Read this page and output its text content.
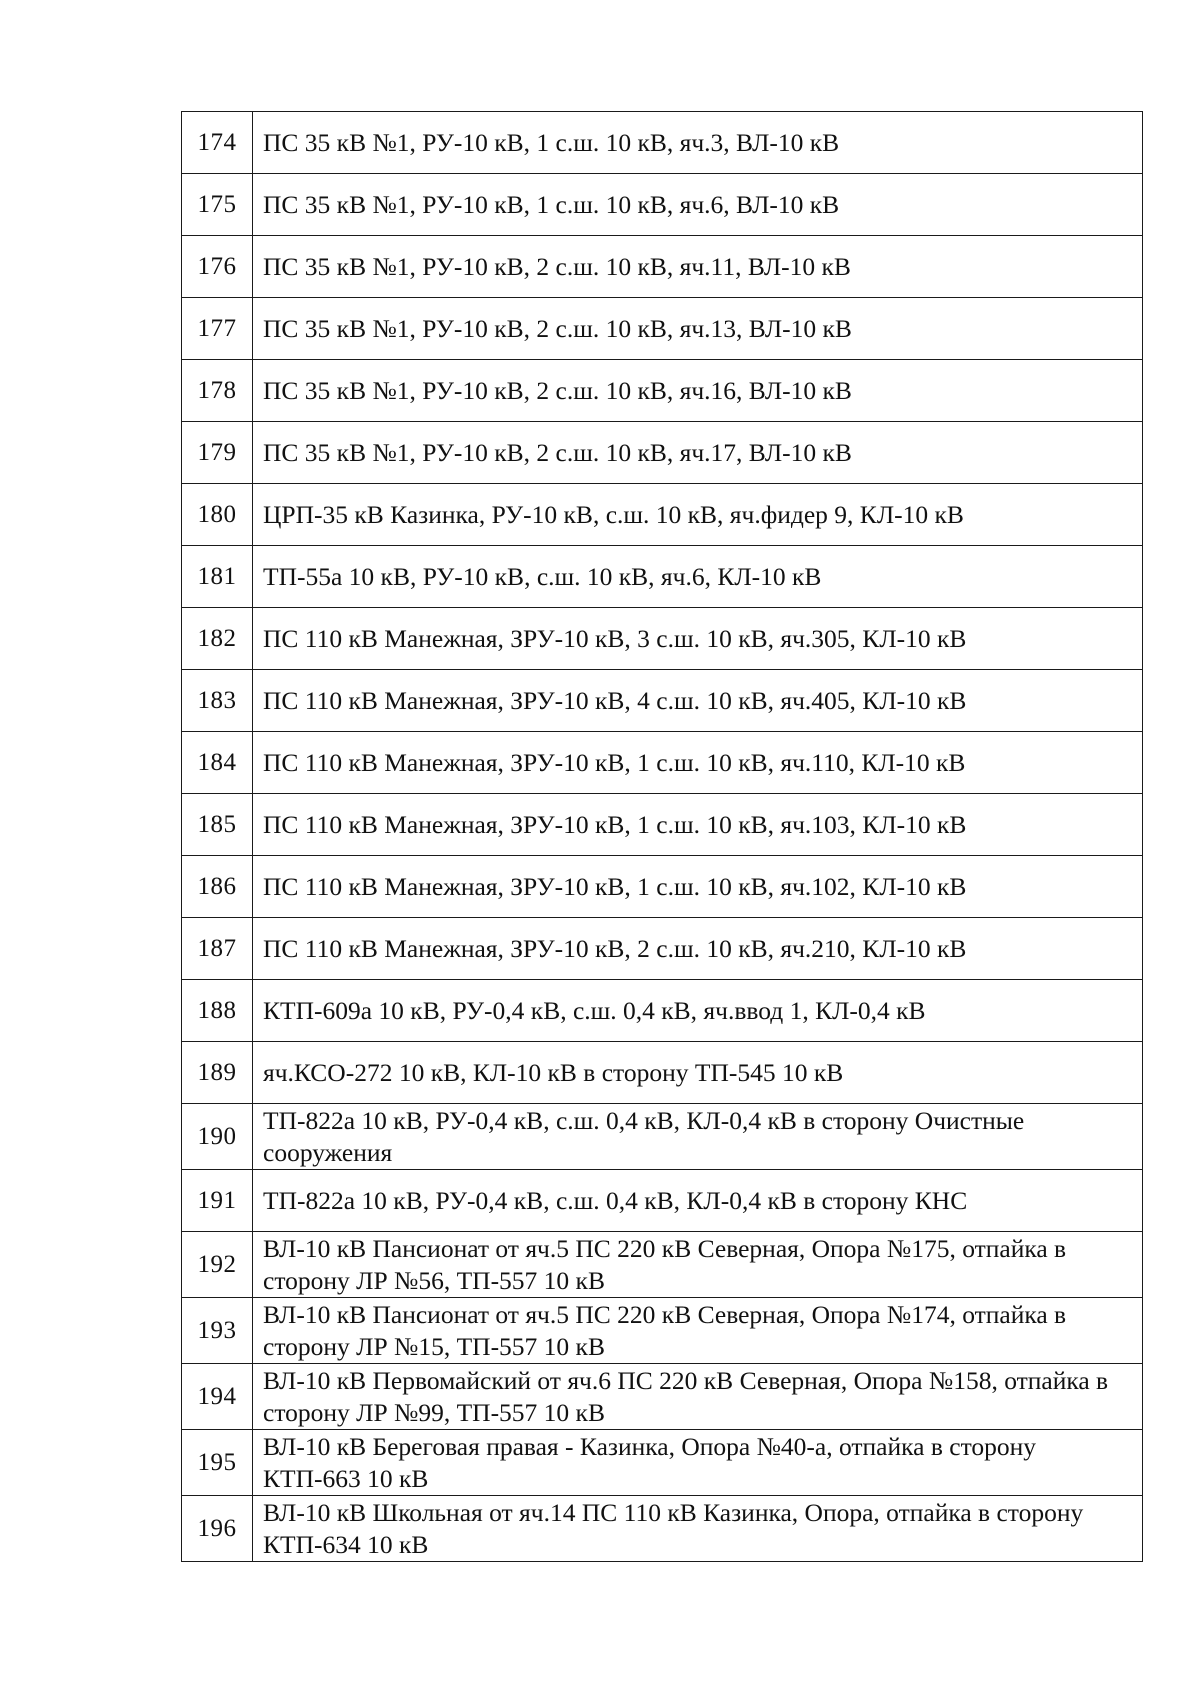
174	ПС 35 кВ №1, РУ-10 кВ, 1 с.ш. 10 кВ, яч.3, ВЛ-10 кВ
175	ПС 35 кВ №1, РУ-10 кВ, 1 с.ш. 10 кВ, яч.6, ВЛ-10 кВ
176	ПС 35 кВ №1, РУ-10 кВ, 2 с.ш. 10 кВ, яч.11, ВЛ-10 кВ
177	ПС 35 кВ №1, РУ-10 кВ, 2 с.ш. 10 кВ, яч.13, ВЛ-10 кВ
178	ПС 35 кВ №1, РУ-10 кВ, 2 с.ш. 10 кВ, яч.16, ВЛ-10 кВ
179	ПС 35 кВ №1, РУ-10 кВ, 2 с.ш. 10 кВ, яч.17, ВЛ-10 кВ
180	ЦРП-35 кВ Казинка, РУ-10 кВ, с.ш. 10 кВ, яч.фидер 9, КЛ-10 кВ
181	ТП-55а 10 кВ, РУ-10 кВ, с.ш. 10 кВ, яч.6, КЛ-10 кВ
182	ПС 110 кВ Манежная, ЗРУ-10 кВ, 3 с.ш. 10 кВ, яч.305, КЛ-10 кВ
183	ПС 110 кВ Манежная, ЗРУ-10 кВ, 4 с.ш. 10 кВ, яч.405, КЛ-10 кВ
184	ПС 110 кВ Манежная, ЗРУ-10 кВ, 1 с.ш. 10 кВ, яч.110, КЛ-10 кВ
185	ПС 110 кВ Манежная, ЗРУ-10 кВ, 1 с.ш. 10 кВ, яч.103, КЛ-10 кВ
186	ПС 110 кВ Манежная, ЗРУ-10 кВ, 1 с.ш. 10 кВ, яч.102, КЛ-10 кВ
187	ПС 110 кВ Манежная, ЗРУ-10 кВ, 2 с.ш. 10 кВ, яч.210, КЛ-10 кВ
188	КТП-609а 10 кВ, РУ-0,4 кВ, с.ш. 0,4 кВ, яч.ввод 1, КЛ-0,4 кВ
189	яч.КСО-272 10 кВ, КЛ-10 кВ в сторону ТП-545 10 кВ
190	ТП-822а 10 кВ, РУ-0,4 кВ, с.ш. 0,4 кВ, КЛ-0,4 кВ в сторону Очистные сооружения
191	ТП-822а 10 кВ, РУ-0,4 кВ, с.ш. 0,4 кВ, КЛ-0,4 кВ в сторону КНС
192	ВЛ-10 кВ Пансионат от яч.5 ПС 220 кВ Северная, Опора №175, отпайка в сторону ЛР №56, ТП-557 10 кВ
193	ВЛ-10 кВ Пансионат от яч.5 ПС 220 кВ Северная, Опора №174, отпайка в сторону ЛР №15, ТП-557 10 кВ
194	ВЛ-10 кВ Первомайский от яч.6 ПС 220 кВ Северная, Опора №158, отпайка в сторону ЛР №99, ТП-557 10 кВ
195	ВЛ-10 кВ Береговая правая - Казинка, Опора №40-а, отпайка в сторону КТП-663 10 кВ
196	ВЛ-10 кВ Школьная от яч.14 ПС 110 кВ Казинка, Опора, отпайка в сторону КТП-634 10 кВ
